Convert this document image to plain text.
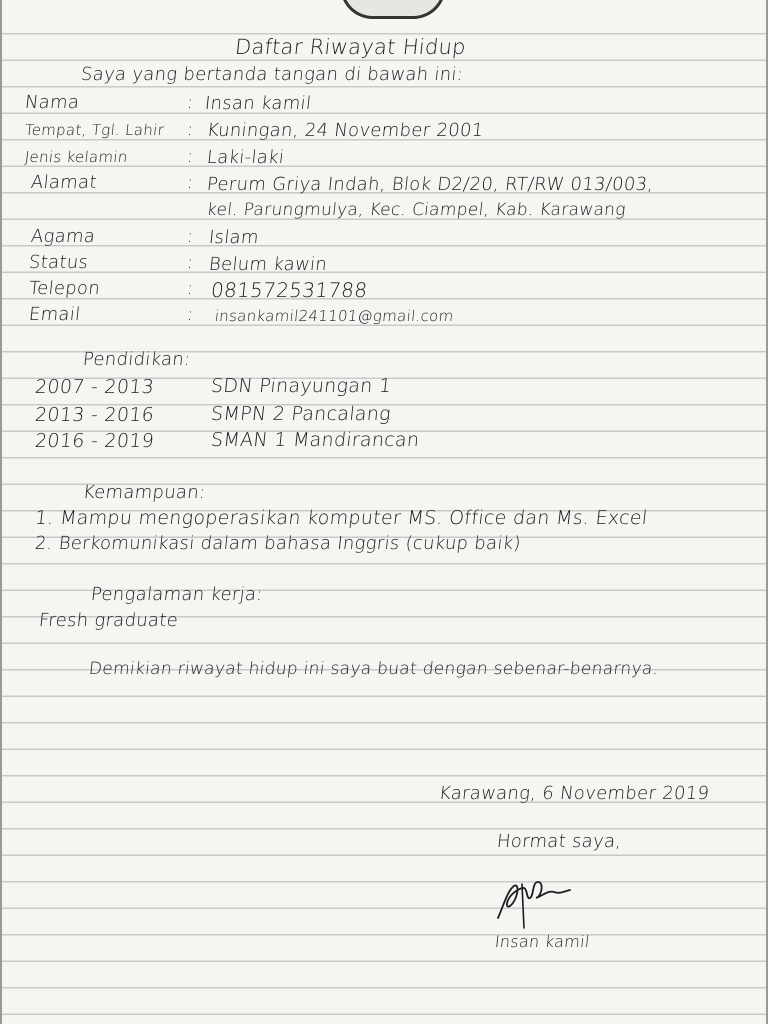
Daftar Riwayat Hidup
Saya yang bertanda tangan di bawah ini:
Nama	: Insan kamil
Tempat, Tgl. Lahir : Kuningan, 24 November 2001
Jenis kelamin	: Laki-laki
Alamat	: Perum Griya Indah, Blok D2/20, RT/RW 013/003,
kel. Parungmulya, Kec. Ciampel, Kab. Karawang
Agama	: Islam
Status	: Belum kawin
Telepon	: 081572531788
Email	: insankamil241101@gmail.com
Pendidikan:
2007 - 2013	SDN Pinayungan 1
2013 - 2016	SMPN 2 Pancalang
2016 - 2019	SMAN 1 Mandirancan
Kemampuan:
1. Mampu mengoperasikan komputer MS. Office dan Ms. Excel
2. Berkomunikasi dalam bahasa Inggris (cukup baik)
Pengalaman kerja:
Fresh graduate
Demikian riwayat hidup ini saya buat dengan sebenar-benarnya.
Karawang, 6 November 2019
Hormat saya,
Insan kamil
